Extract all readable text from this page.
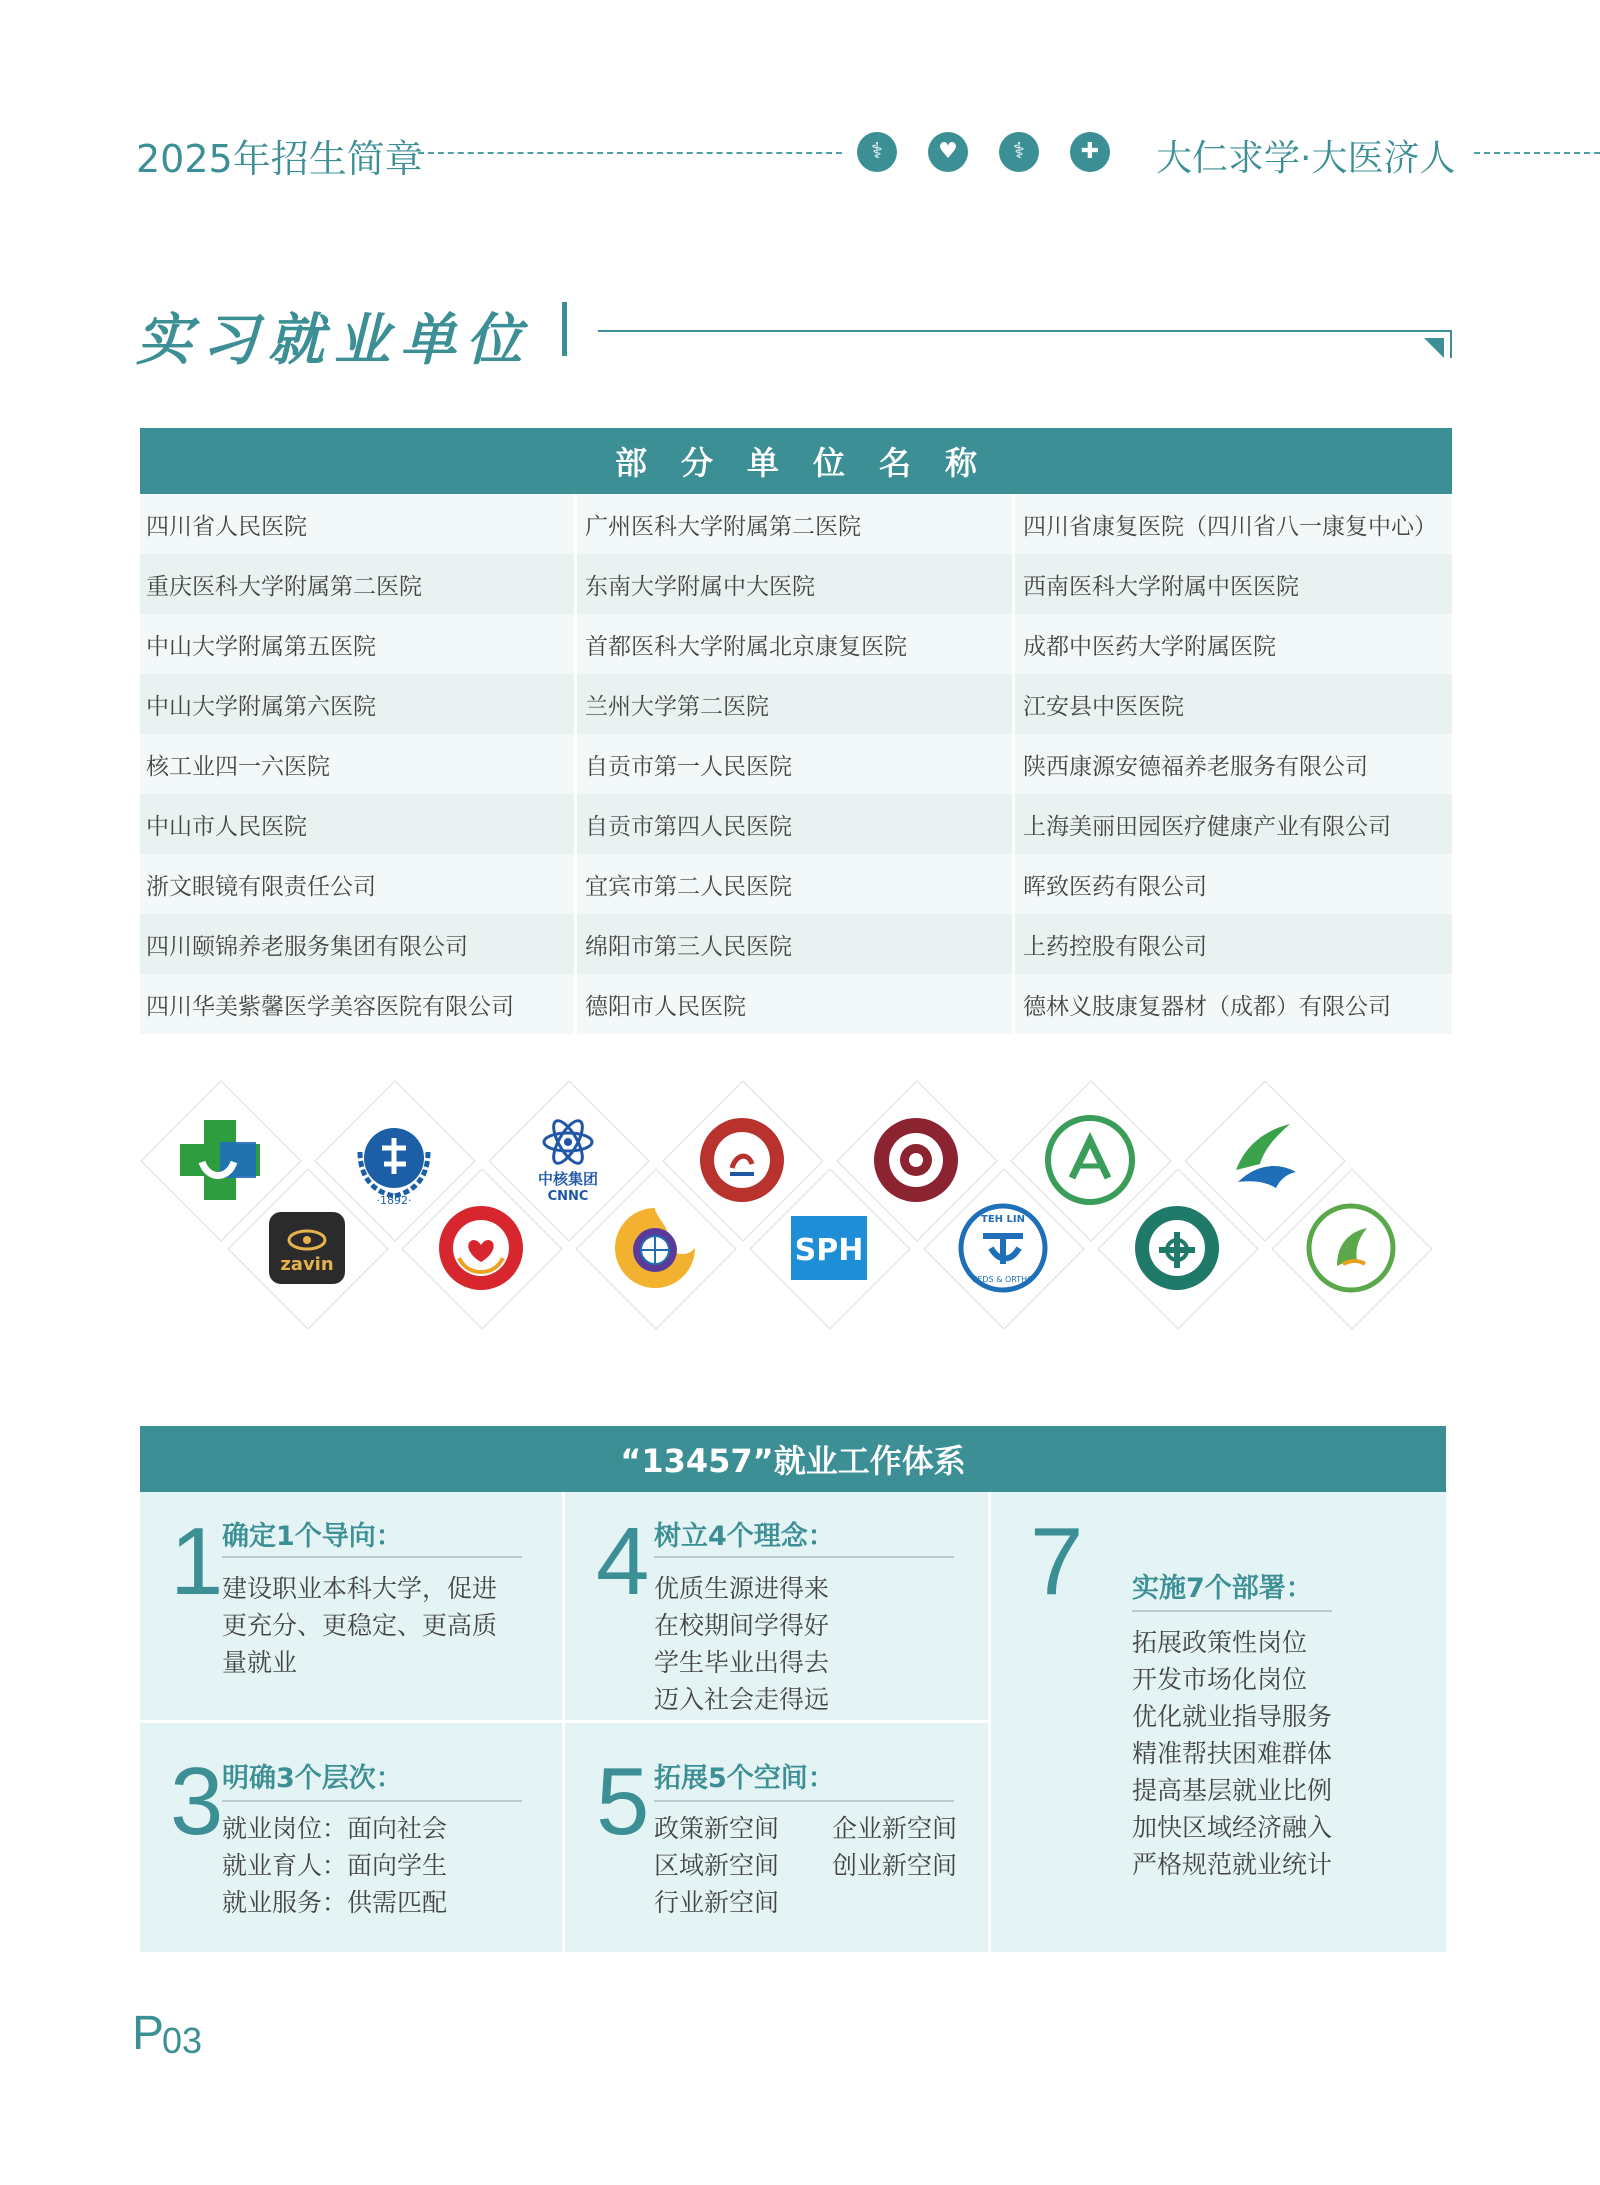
2025年招生简章	⚕	♥	⚕	✚ 大仁求学·大医济人
实习就业单位
部分单位名称
四川省人民医院	广州医科大学附属第二医院	四川省康复医院（四川省八一康复中心）
重庆医科大学附属第二医院	东南大学附属中大医院	西南医科大学附属中医医院
中山大学附属第五医院	首都医科大学附属北京康复医院	成都中医药大学附属医院
中山大学附属第六医院	兰州大学第二医院	江安县中医医院
核工业四一六医院	自贡市第一人民医院	陕西康源安德福养老服务有限公司
中山市人民医院	自贡市第四人民医院	上海美丽田园医疗健康产业有限公司
浙文眼镜有限责任公司	宜宾市第二人民医院	晖致医药有限公司
四川颐锦养老服务集团有限公司	绵阳市第三人民医院	上药控股有限公司
四川华美紫馨医学美容医院有限公司	德阳市人民医院	德林义肢康复器材（成都）有限公司
·1892·
中核集团
CNNC
zavin	SPH
TEH LIN
PEDS & ORTHO
“13457”就业工作体系
1
确定1个导向：
建设职业本科大学，促进
更充分、更稳定、更高质
量就业
4 树立4个理念：
优质生源进得来
在校期间学得好
学生毕业出得去
迈入社会走得远
7 实施7个部署：
拓展政策性岗位
开发市场化岗位
优化就业指导服务
精准帮扶困难群体
提高基层就业比例
加快区域经济融入
严格规范就业统计
3
明确3个层次：
就业岗位：面向社会
就业育人：面向学生
就业服务：供需匹配
5 拓展5个空间：
政策新空间
区域新空间
行业新空间
企业新空间
创业新空间
P
03
